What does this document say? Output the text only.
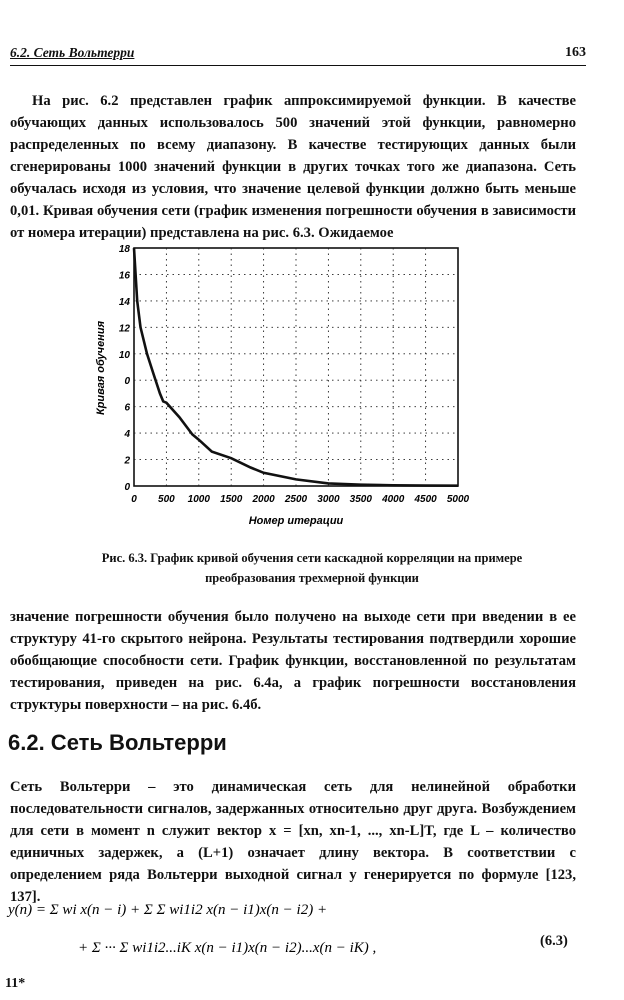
6.2. Сеть Вольтерри	163
На рис. 6.2 представлен график аппроксимируемой функции. В качестве обучающих данных использовалось 500 значений этой функции, равномерно распределенных по всему диапазону. В качестве тестирующих данных были сгенерированы 1000 значений функции в других точках того же диапазона. Сеть обучалась исходя из условия, что значение целевой функции должно быть меньше 0,01. Кривая обучения сети (график изменения погрешности обучения в зависимости от номера итерации) представлена на рис. 6.3. Ожидаемое
0
2
4
6
0
10
12
14
16
18
0 500 1000 1500 2000 2500 3000 3500 4000 4500 5000
Кривая обучения
Номер итерации
Рис. 6.3. График кривой обучения сети каскадной корреляции на примере преобразования трехмерной функции
значение погрешности обучения было получено на выходе сети при введении в ее структуру 41-го скрытого нейрона. Результаты тестирования подтвердили хорошие обобщающие способности сети. График функции, восстановленной по результатам тестирования, приведен на рис. 6.4а, а график погрешности восстановления структуры поверхности – на рис. 6.4б.
6.2. Сеть Вольтерри
Сеть Вольтерри – это динамическая сеть для нелинейной обработки последовательности сигналов, задержанных относительно друг друга. Возбуждением для сети в момент n служит вектор x = [xn, xn-1, ..., xn-L]T, где L – количество единичных задержек, а (L+1) означает длину вектора. В соответствии с определением ряда Вольтерри выходной сигнал y генерируется по формуле [123, 137].
y(n) = Σ wi x(n − i) + Σ Σ wi1i2 x(n − i1)x(n − i2) +
+ Σ ··· Σ wi1i2...iK x(n − i1)x(n − i2)...x(n − iK) ,	(6.3)
11*
